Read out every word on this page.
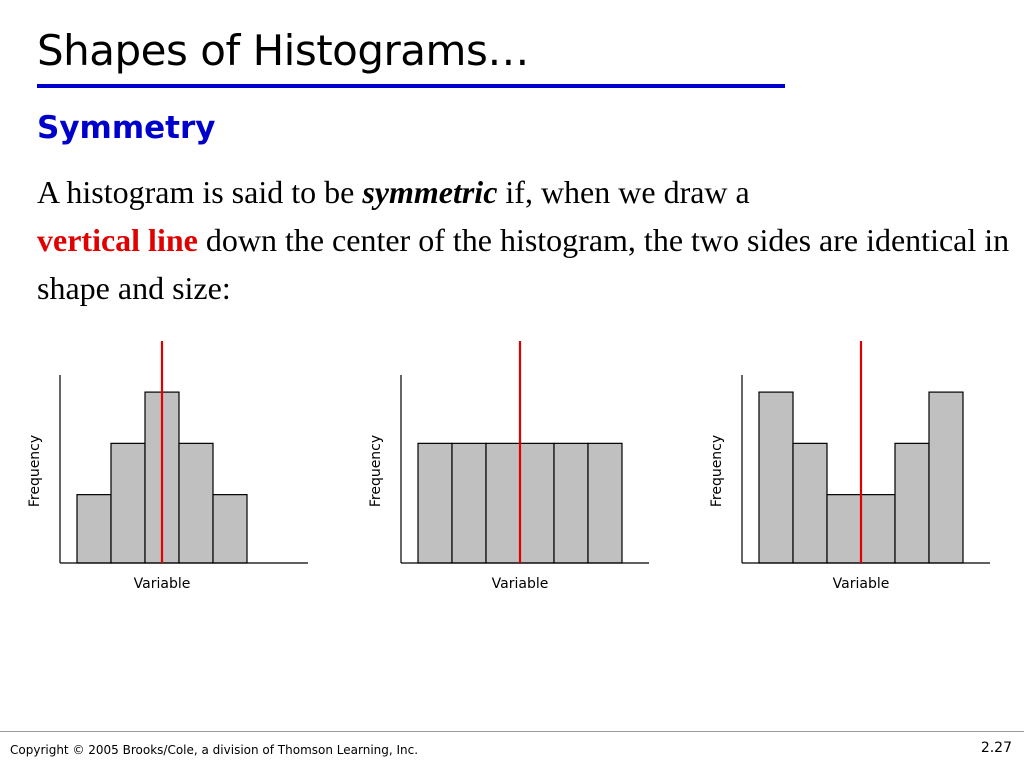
Shapes of Histograms…
Symmetry
A histogram is said to be symmetric if, when we draw a
vertical line down the center of the histogram, the two sides are identical in shape and size:
Variable
Frequency
Variable
Frequency
Variable
Frequency
Copyright © 2005 Brooks/Cole, a division of Thomson Learning, Inc.	2.27
